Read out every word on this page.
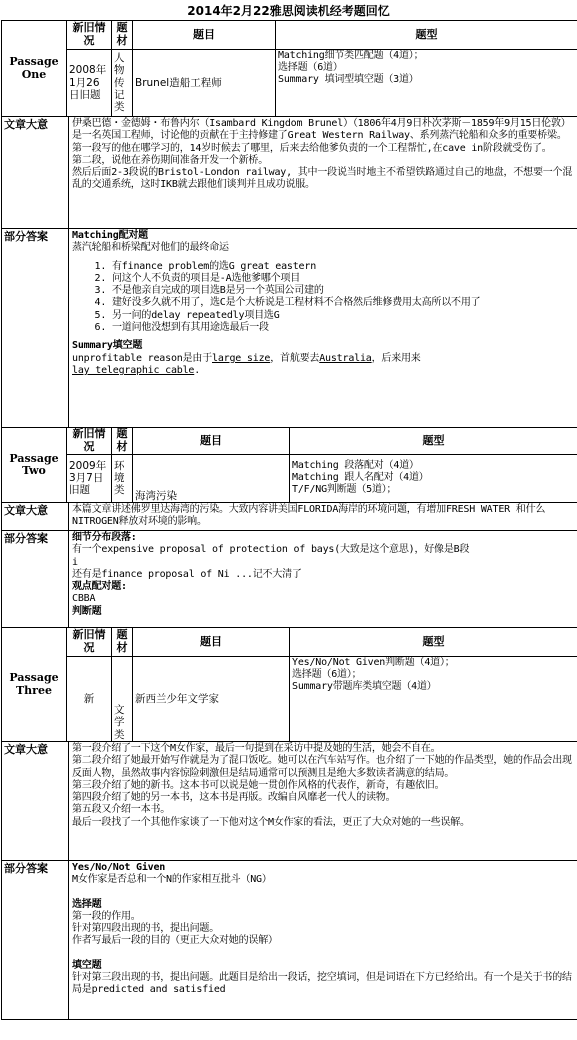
2014年2月22雅思阅读机经考题回忆
Passage One
新旧情况	题材	题目	题型
2008年1月26日旧题	人物传记类	Brunel造船工程师	Matching细节类匹配题（4道）；
选择题（6道）
Summary 填词型填空题（3道）
文章大意	伊桑巴德・金德姆・布鲁内尔（Isambard Kingdom Brunel）（1806年4月9日朴次茅斯－1859年9月15日伦敦）是一名英国工程师，讨论他的贡献在于主持修建了Great Western Railway、系列蒸汽轮船和众多的重要桥梁。
第一段写的他在哪学习的，14岁时候去了哪里，后来去给他爹负责的一个工程帮忙,在cave in阶段就受伤了。
第二段，说他在养伤期间准备开发一个新桥。
然后后面2-3段说的Bristol-London railway, 其中一段说当时地主不希望铁路通过自己的地盘，不想要一个混乱的交通系统，这时IKB就去跟他们谈判并且成功说服。
部分答案	Matching配对题
蒸汽轮船和桥梁配对他们的最终命运
1. 有finance problem的选G great eastern
2. 问这个人不负责的项目是-A选他爹哪个项目
3. 不是他亲自完成的项目选B是另一个英国公司建的
4. 建好没多久就不用了，选C是个大桥说是工程材料不合格然后维修费用太高所以不用了
5. 另一问的delay repeatedly项目选G
6. 一道问他没想到有其用途选最后一段
Summary填空题
unprofitable reason是由于large size，首航要去Australia，后来用来
lay telegraphic cable.
Passage Two
新旧情况	题材	题目	题型
2009年3月7日旧题	环境类	海湾污染	Matching 段落配对（4道）
Matching 跟人名配对（4道）
T/F/NG判断题（5道）；
文章大意	本篇文章讲述佛罗里达海湾的污染。大致内容讲美国FLORIDA海岸的环境问题，有增加FRESH WATER 和什么 NITROGEN释放对环境的影响。
部分答案	细节分布段落:
有一个expensive proposal of protection of bays(大致是这个意思)，好像是B段
i
还有是finance proposal of Ni ...记不大清了
观点配对题:
CBBA
判断题
Passage Three
新旧情况	题材	题目	题型
新	文学类	新西兰少年文学家	Yes/No/Not Given判断题（4道）；
选择题（6道）；
Summary带题库类填空题（4道）
文章大意	第一段介绍了一下这个M女作家，最后一句提到在采访中提及她的生活，她会不自在。
第二段介绍了她最开始写作就是为了混口饭吃。她可以在汽车站写作。也介绍了一下她的作品类型，她的作品会出现反面人物，虽然故事内容惊险刺激但是结局通常可以预测且是绝大多数读者满意的结局。
第三段介绍了她的新书。这本书可以说是她一贯创作风格的代表作，新奇，有趣依旧。
第四段介绍了她的另一本书，这本书是再版。改编自风靡老一代人的读物。
第五段又介绍一本书。
最后一段找了一个其他作家谈了一下他对这个M女作家的看法，更正了大众对她的一些误解。
部分答案	Yes/No/Not Given
M女作家是否总和一个N的作家相互批斗（NG）
选择题
第一段的作用。
针对第四段出现的书，提出问题。
作者写最后一段的目的（更正大众对她的误解）
填空题
针对第三段出现的书，提出问题。此题目是给出一段话，挖空填词，但是词语在下方已经给出。有一个是关于书的结局是predicted and satisfied
